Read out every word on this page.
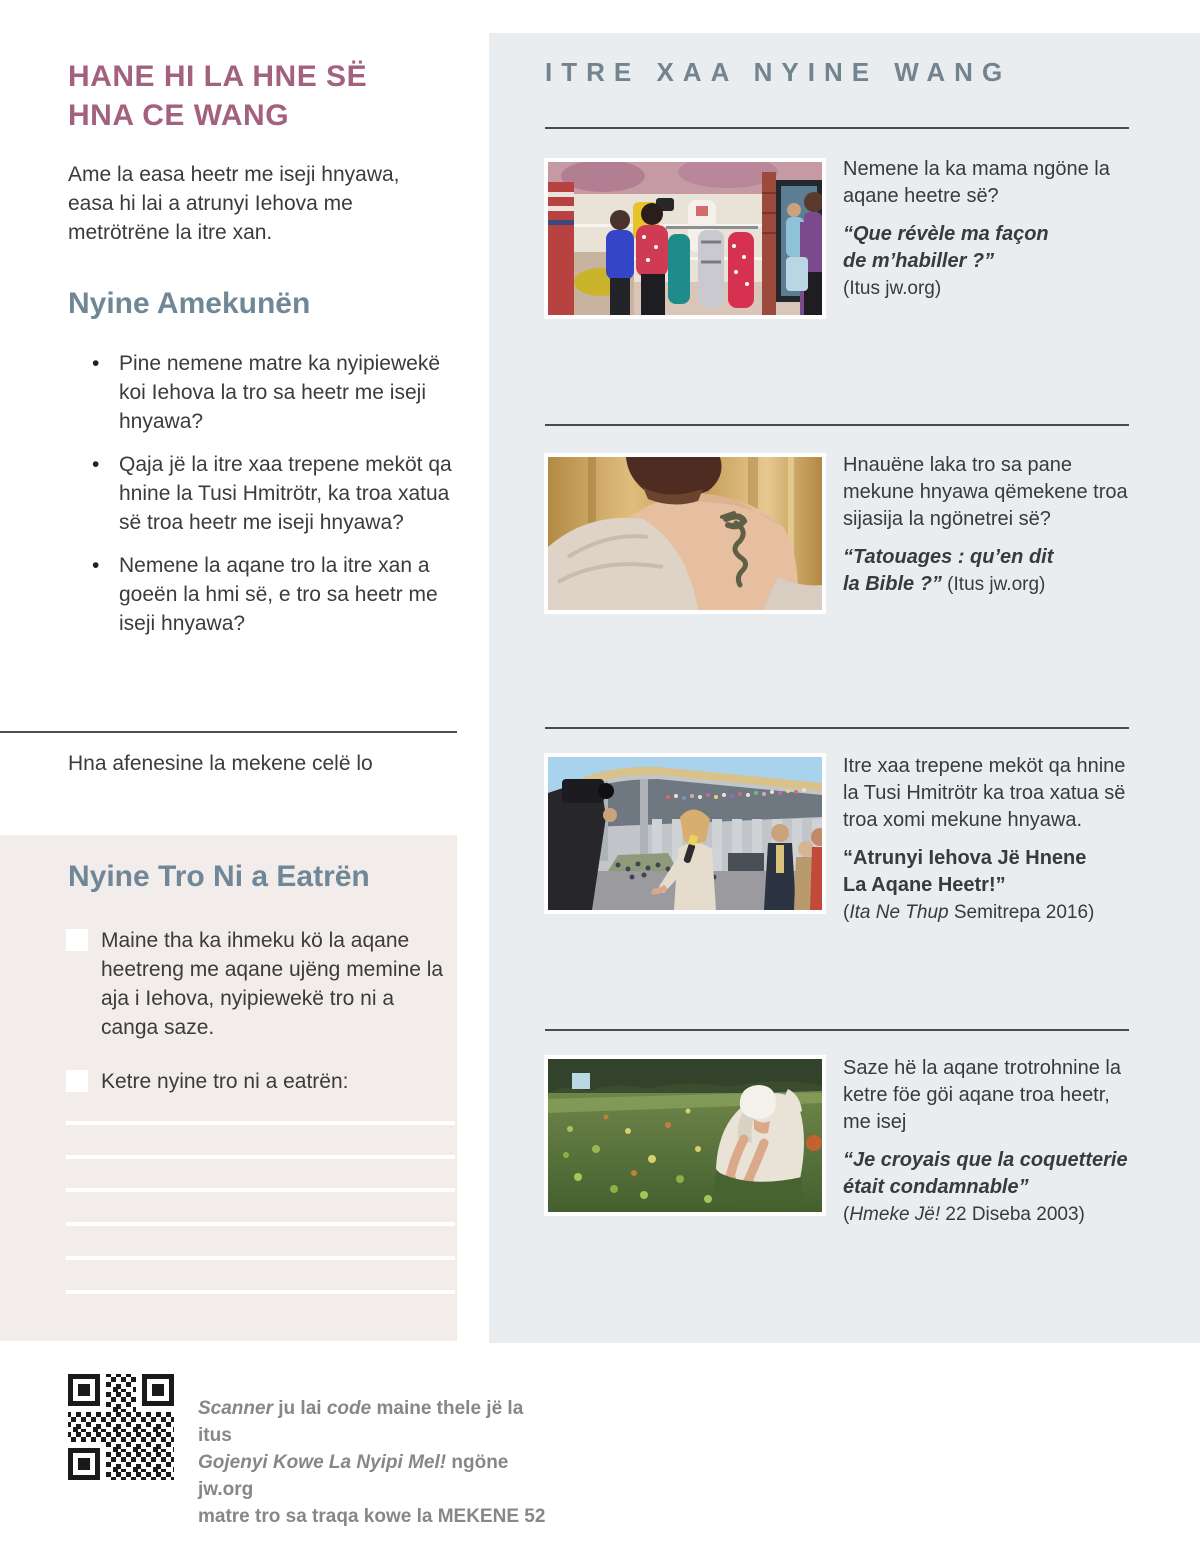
HANE HI LA HNE SË
HNA CE WANG
Ame la easa heetr me iseji hnyawa, easa hi lai a atrunyi Iehova me metrötrëne la itre xan.
Nyine Amekunën
• Pine nemene matre ka nyipiewekë koi Iehova la tro sa heetr me iseji hnyawa?
• Qaja jë la itre xaa trepene meköt qa hnine la Tusi Hmitrötr, ka troa xatua së troa heetr me iseji hnyawa?
• Nemene la aqane tro la itre xan a goeën la hmi së, e tro sa heetr me iseji hnyawa?
Hna afenesine la mekene celë lo
Nyine Tro Ni a Eatrën
Maine tha ka ihmeku kö la aqane heetreng me aqane ujëng memine la aja i Iehova, nyipiewekë tro ni a canga saze.
Ketre nyine tro ni a eatrën:
Scanner ju lai code maine thele jë la itus
Gojenyi Kowe La Nyipi Mel! ngöne jw.org
matre tro sa traqa kowe la MEKENE 52
ITRE XAA NYINE WANG
Nemene la ka mama ngöne la aqane heetre së?
“Que révèle ma façon
de m’habiller ?”
(Itus jw.org)
Hnauëne laka tro sa pane mekune hnyawa qëmekene troa sijasija la ngönetrei së?
“Tatouages : qu’en dit
la Bible ?” (Itus jw.org)
Itre xaa trepene meköt qa hnine la Tusi Hmitrötr ka troa xatua së troa xomi mekune hnyawa.
“Atrunyi Iehova Jë Hnene
La Aqane Heetr!”
(Ita Ne Thup Semitrepa 2016)
Saze hë la aqane trotrohnine la ketre föe göi aqane troa heetr, me isej
“Je croyais que la coquetterie
était condamnable”
(Hmeke Jë! 22 Diseba 2003)
